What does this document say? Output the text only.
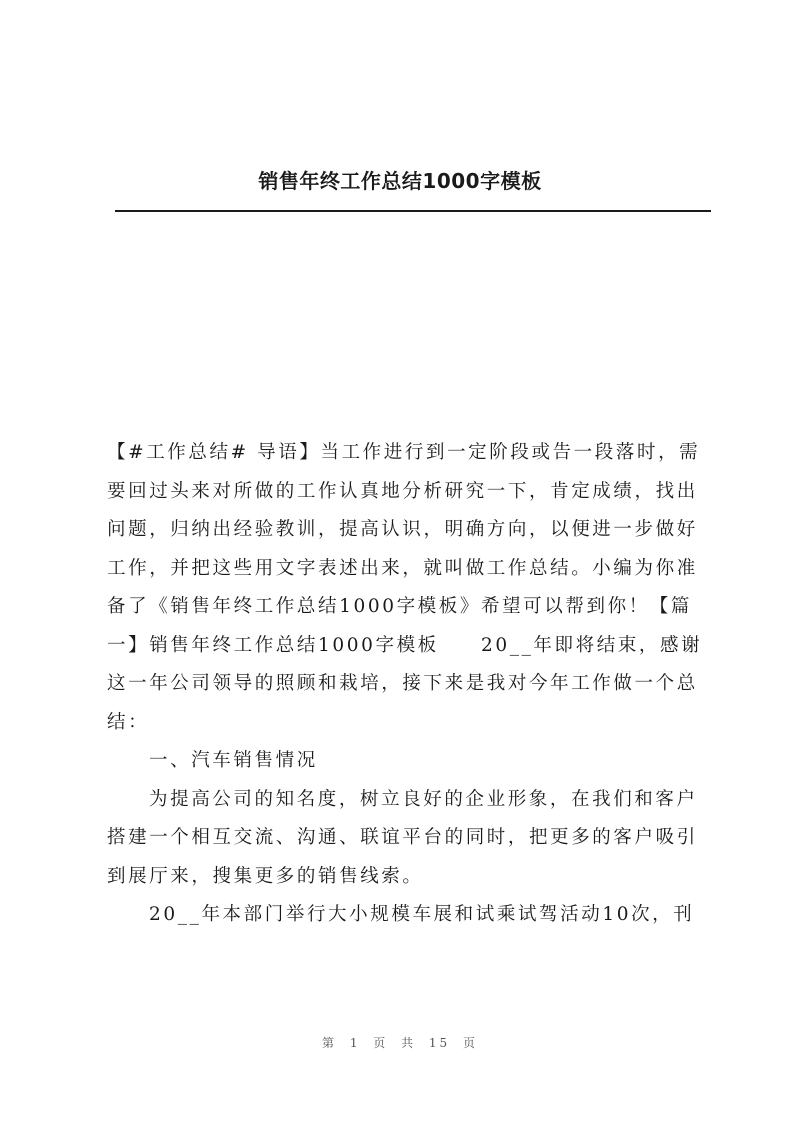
销售年终工作总结1000字模板
【#工作总结# 导语】当工作进行到一定阶段或告一段落时，需
要回过头来对所做的工作认真地分析研究一下，肯定成绩，找出
问题，归纳出经验教训，提高认识，明确方向，以便进一步做好
工作，并把这些用文字表述出来，就叫做工作总结。小编为你准
备了《销售年终工作总结1000字模板》希望可以帮到你！【篇
一】销售年终工作总结1000字模板　　20__年即将结束，感谢
这一年公司领导的照顾和栽培，接下来是我对今年工作做一个总
结：
一、汽车销售情况
为提高公司的知名度，树立良好的企业形象，在我们和客户
搭建一个相互交流、沟通、联谊平台的同时，把更多的客户吸引
到展厅来，搜集更多的销售线索。
20__年本部门举行大小规模车展和试乘试驾活动10次，刊
第 1 页 共 15 页
